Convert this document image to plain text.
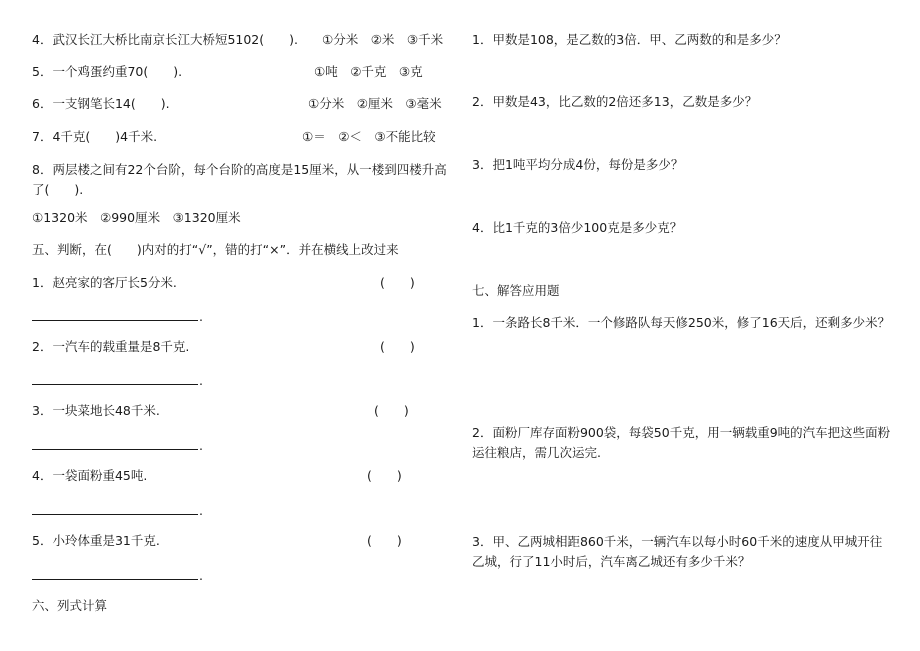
4．武汉长江大桥比南京长江大桥短5102(　　). ①分米　②米　③千米
5．一个鸡蛋约重70(　　).	①吨　②千克　③克
6．一支钢笔长14(　　).	①分米　②厘米　③毫米
7．4千克(　　)4千米.	①＝　②＜　③不能比较
8．两层楼之间有22个台阶，每个台阶的高度是15厘米，从一楼到四楼升高了(　　).
①1320米　②990厘米　③1320厘米
五、判断，在(　　)内对的打“√”，错的打“×”．并在横线上改过来
1．赵亮家的客厅长5分米.	(　　)
.
2．一汽车的载重量是8千克.	(　　)
.
3．一块菜地长48千米.	(　　)
.
4．一袋面粉重45吨.	(　　)
.
5．小玲体重是31千克.	(　　)
.
六、列式计算
1．甲数是108，是乙数的3倍．甲、乙两数的和是多少？
2．甲数是43，比乙数的2倍还多13，乙数是多少？
3．把1吨平均分成4份，每份是多少？
4．比1千克的3倍少100克是多少克？
七、解答应用题
1．一条路长8千米．一个修路队每天修250米，修了16天后，还剩多少米？
2．面粉厂库存面粉900袋，每袋50千克，用一辆载重9吨的汽车把这些面粉运往粮店，需几次运完.
3．甲、乙两城相距860千米，一辆汽车以每小时60千米的速度从甲城开往乙城，行了11小时后，汽车离乙城还有多少千米？
